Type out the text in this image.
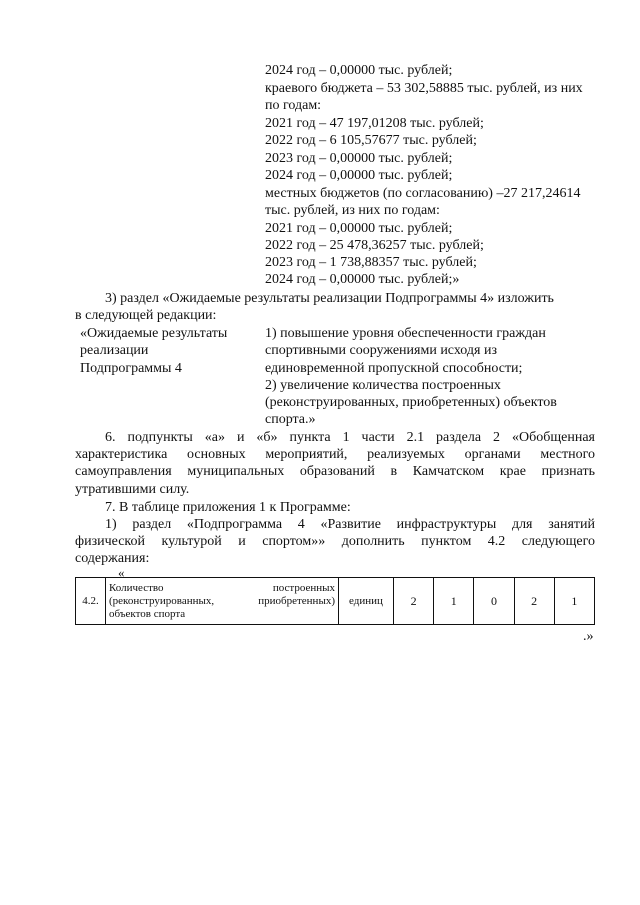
2024 год – 0,00000 тыс. рублей;
краевого бюджета – 53 302,58885 тыс. рублей, из них
по годам:
2021 год – 47 197,01208 тыс. рублей;
2022 год – 6 105,57677 тыс. рублей;
2023 год – 0,00000 тыс. рублей;
2024 год – 0,00000 тыс. рублей;
местных бюджетов (по согласованию) –27 217,24614
тыс. рублей, из них по годам:
2021 год – 0,00000 тыс. рублей;
2022 год – 25 478,36257 тыс. рублей;
2023 год – 1 738,88357 тыс. рублей;
2024 год – 0,00000 тыс. рублей;»
3) раздел «Ожидаемые результаты реализации Подпрограммы 4» изложить
в следующей редакции:
«Ожидаемые результаты
реализации
Подпрограммы 4
1) повышение уровня обеспеченности граждан
спортивными сооружениями исходя из
единовременной пропускной способности;
2) увеличение количества построенных
(реконструированных, приобретенных) объектов
спорта.»
6. подпункты «а» и «б» пункта 1 части 2.1 раздела 2 «Обобщенная
характеристика основных мероприятий, реализуемых органами местного
самоуправления муниципальных образований в Камчатском крае признать
утратившими силу.
7. В таблице приложения 1 к Программе:
1) раздел «Подпрограмма 4 «Развитие инфраструктуры для занятий
физической культурой и спортом»» дополнить пунктом 4.2 следующего
содержания:
«
4.2.	
Количество построенных
(реконструированных, приобретенных)
объектов спорта
	единиц	2	1	0	2	1
.»
